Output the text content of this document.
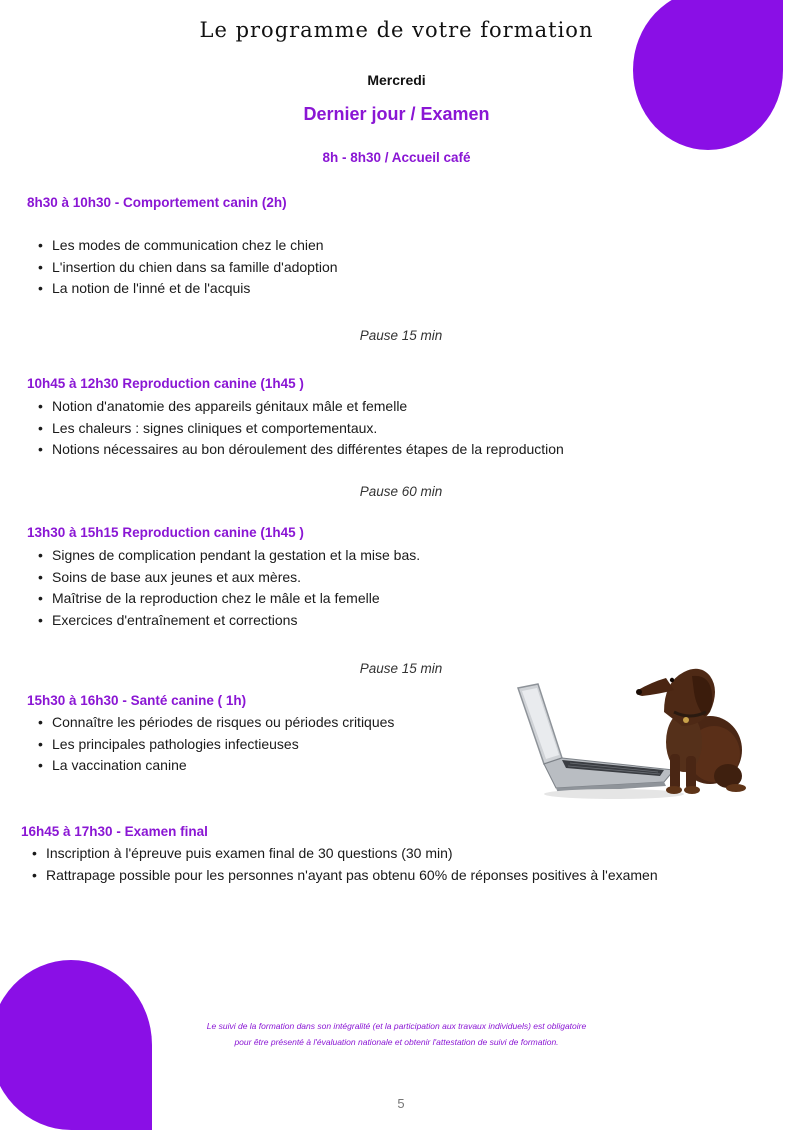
Le programme de votre formation
Mercredi
Dernier jour / Examen
8h - 8h30 / Accueil café
8h30 à 10h30 - Comportement canin (2h)
• Les modes de communication chez le chien
• L'insertion du chien dans sa famille d'adoption
• La notion de l'inné et de l'acquis
Pause 15 min
10h45 à 12h30 Reproduction canine (1h45 )
• Notion d'anatomie des appareils génitaux mâle et femelle
• Les chaleurs : signes cliniques et comportementaux.
• Notions nécessaires au bon déroulement des différentes étapes de la reproduction
Pause 60 min
13h30 à 15h15 Reproduction canine (1h45 )
• Signes de complication pendant la gestation et la mise bas.
• Soins de base aux jeunes et aux mères.
• Maîtrise de la reproduction chez le mâle et la femelle
• Exercices d'entraînement et corrections
Pause 15 min
15h30 à 16h30 - Santé canine ( 1h)
• Connaître les périodes de risques ou périodes critiques
• Les principales pathologies infectieuses
• La vaccination canine
16h45 à 17h30 - Examen final
• Inscription à l'épreuve puis examen final de 30 questions (30 min)
• Rattrapage possible pour les personnes n'ayant pas obtenu 60% de réponses positives à l'examen
Le suivi de la formation dans son intégralité (et la participation aux travaux individuels) est obligatoire
pour être présenté à l'évaluation nationale et obtenir l'attestation de suivi de formation.
5
